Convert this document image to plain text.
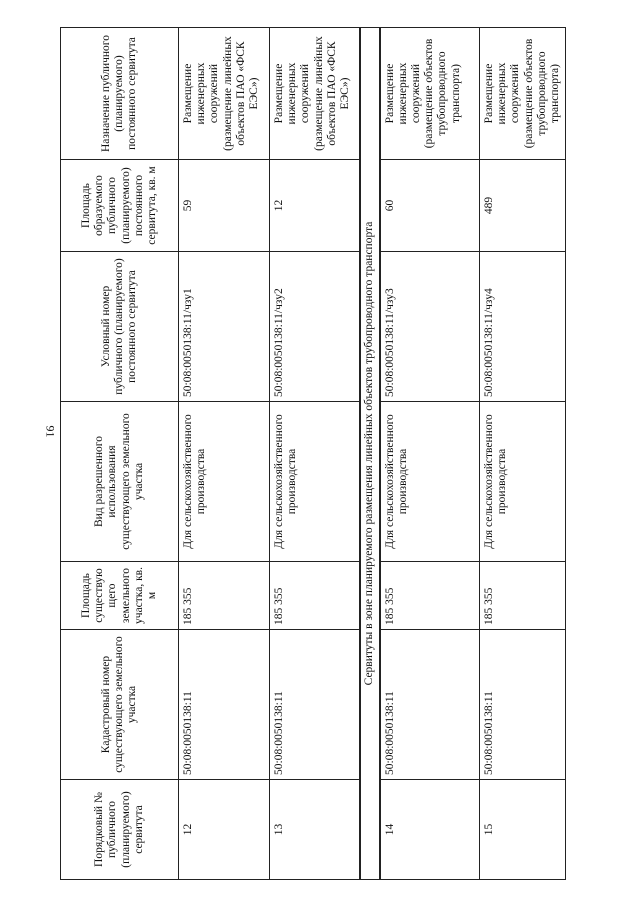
91
Порядковый № публичного (планируемого) сервитута	Кадастровый номер существующего земельного участка	Площадь существую щего земельного участка, кв. м	Вид разрешенного использования существующего земельного участка	Условный номер публичного (планируемого) постоянного сервитута	Площадь образуемого публичного (планируемого) постоянного сервитута, кв. м	Назначение публичного (планируемого) постоянного сервитута
12	50:08:0050138:11	185 355	Для сельскохозяйственного производства	50:08:0050138:11/чзу1	59	Размещение инженерных сооружений (размещение линейных объектов ПАО «ФСК ЕЭС»)
13	50:08:0050138:11	185 355	Для сельскохозяйственного производства	50:08:0050138:11/чзу2	12	Размещение инженерных сооружений (размещение линейных объектов ПАО «ФСК ЕЭС»)
Сервитуты в зоне планируемого размещения линейных объектов трубопроводного транспорта						
14	50:08:0050138:11	185 355	Для сельскохозяйственного производства	50:08:0050138:11/чзу3	60	Размещение инженерных сооружений (размещение объектов трубопроводного транспорта)
15	50:08:0050138:11	185 355	Для сельскохозяйственного производства	50:08:0050138:11/чзу4	489	Размещение инженерных сооружений (размещение объектов трубопроводного транспорта)
